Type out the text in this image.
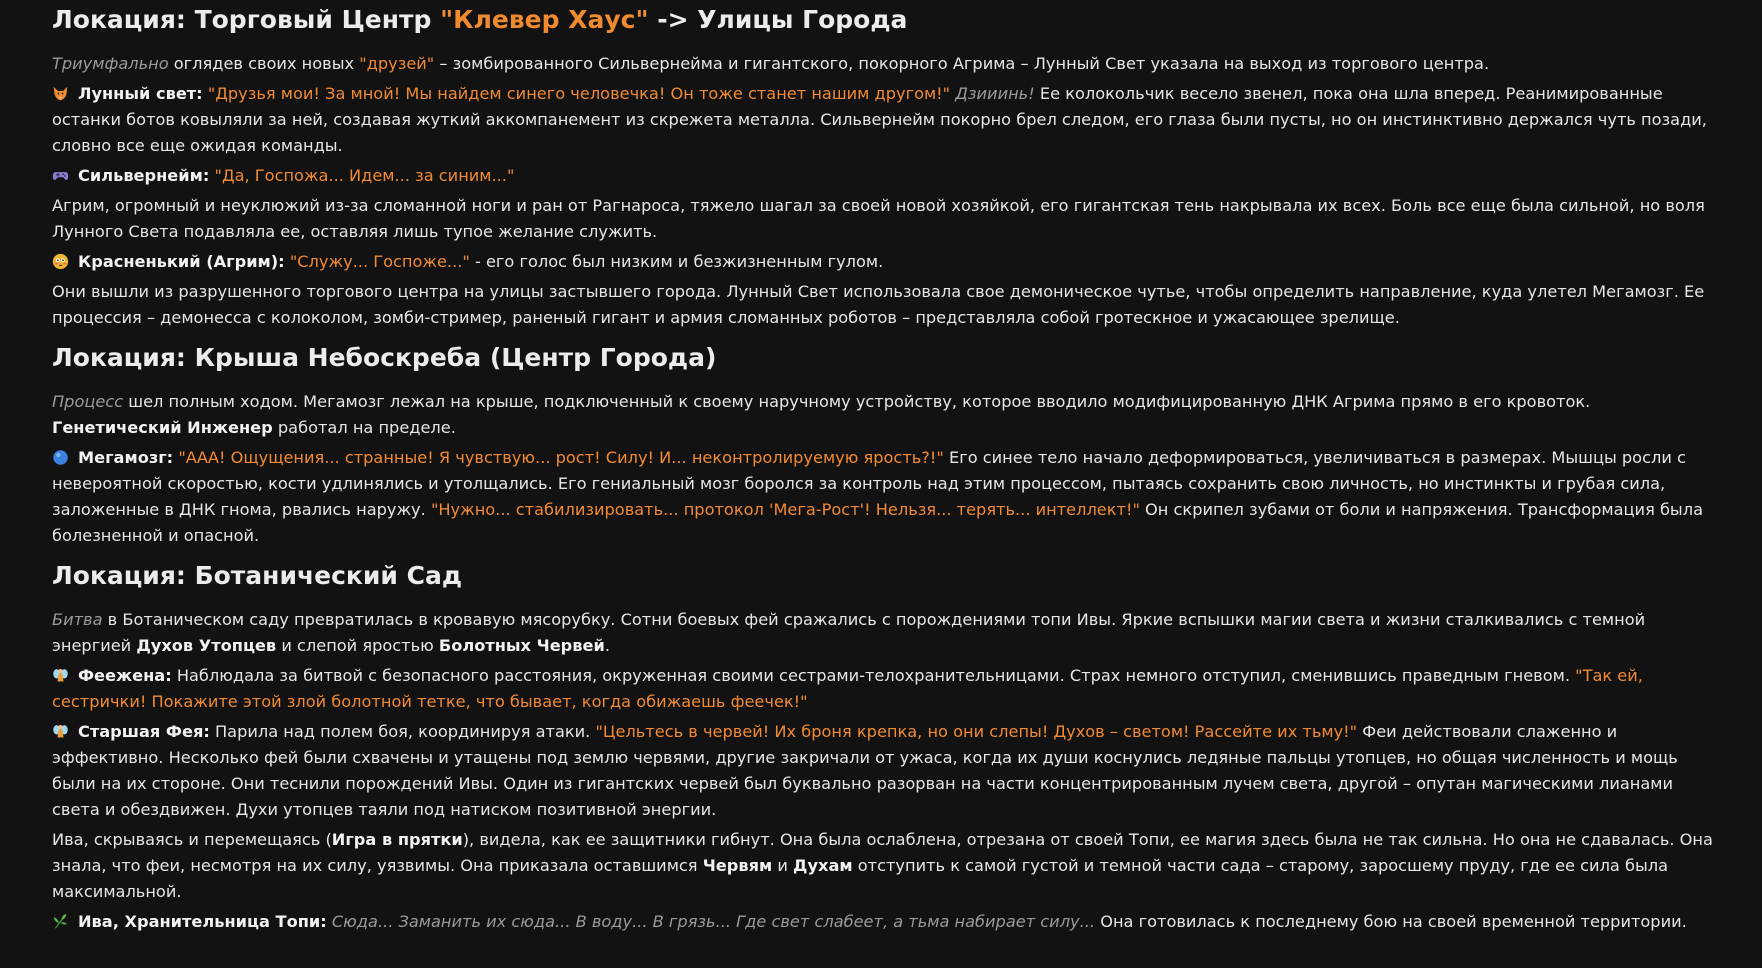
Локация: Торговый Центр "Клевер Хаус" -> Улицы Города

Триумфально оглядев своих новых "друзей" – зомбированного Сильвернейма и гигантского, покорного Агрима – Лунный Свет указала на выход из торгового центра.

Лунный свет: "Друзья мои! За мной! Мы найдем синего человечка! Он тоже станет нашим другом!" Дзииинь! Ее колокольчик весело звенел, пока она шла вперед. Реанимированные останки ботов ковыляли за ней, создавая жуткий аккомпанемент из скрежета металла. Сильвернейм покорно брел следом, его глаза были пусты, но он инстинктивно держался чуть позади, словно все еще ожидая команды.

Сильвернейм: "Да, Госпожа... Идем... за синим..."

Агрим, огромный и неуклюжий из-за сломанной ноги и ран от Рагнароса, тяжело шагал за своей новой хозяйкой, его гигантская тень накрывала их всех. Боль все еще была сильной, но воля Лунного Света подавляла ее, оставляя лишь тупое желание служить.

Красненький (Агрим): "Служу... Госпоже..." - его голос был низким и безжизненным гулом.

Они вышли из разрушенного торгового центра на улицы застывшего города. Лунный Свет использовала свое демоническое чутье, чтобы определить направление, куда улетел Мегамозг. Ее процессия – демонесса с колоколом, зомби-стример, раненый гигант и армия сломанных роботов – представляла собой гротескное и ужасающее зрелище.

Локация: Крыша Небоскреба (Центр Города)

Процесс шел полным ходом. Мегамозг лежал на крыше, подключенный к своему наручному устройству, которое вводило модифицированную ДНК Агрима прямо в его кровоток. Генетический Инженер работал на пределе.

Мегамозг: "ААА! Ощущения... странные! Я чувствую... рост! Силу! И... неконтролируемую ярость?!" Его синее тело начало деформироваться, увеличиваться в размерах. Мышцы росли с невероятной скоростью, кости удлинялись и утолщались. Его гениальный мозг боролся за контроль над этим процессом, пытаясь сохранить свою личность, но инстинкты и грубая сила, заложенные в ДНК гнома, рвались наружу. "Нужно... стабилизировать... протокол 'Мега-Рост'! Нельзя... терять... интеллект!" Он скрипел зубами от боли и напряжения. Трансформация была болезненной и опасной.

Локация: Ботанический Сад

Битва в Ботаническом саду превратилась в кровавую мясорубку. Сотни боевых фей сражались с порождениями топи Ивы. Яркие вспышки магии света и жизни сталкивались с темной энергией Духов Утопцев и слепой яростью Болотных Червей.

Феежена: Наблюдала за битвой с безопасного расстояния, окруженная своими сестрами-телохранительницами. Страх немного отступил, сменившись праведным гневом. "Так ей, сестрички! Покажите этой злой болотной тетке, что бывает, когда обижаешь феечек!"

Старшая Фея: Парила над полем боя, координируя атаки. "Цельтесь в червей! Их броня крепка, но они слепы! Духов – светом! Рассейте их тьму!" Феи действовали слаженно и эффективно. Несколько фей были схвачены и утащены под землю червями, другие закричали от ужаса, когда их души коснулись ледяные пальцы утопцев, но общая численность и мощь были на их стороне. Они теснили порождений Ивы. Один из гигантских червей был буквально разорван на части концентрированным лучем света, другой – опутан магическими лианами света и обездвижен. Духи утопцев таяли под натиском позитивной энергии.

Ива, скрываясь и перемещаясь (Игра в прятки), видела, как ее защитники гибнут. Она была ослаблена, отрезана от своей Топи, ее магия здесь была не так сильна. Но она не сдавалась. Она знала, что феи, несмотря на их силу, уязвимы. Она приказала оставшимся Червям и Духам отступить к самой густой и темной части сада – старому, заросшему пруду, где ее сила была максимальной.

Ива, Хранительница Топи: Сюда... Заманить их сюда... В воду... В грязь... Где свет слабеет, а тьма набирает силу... Она готовилась к последнему бою на своей временной территории.
